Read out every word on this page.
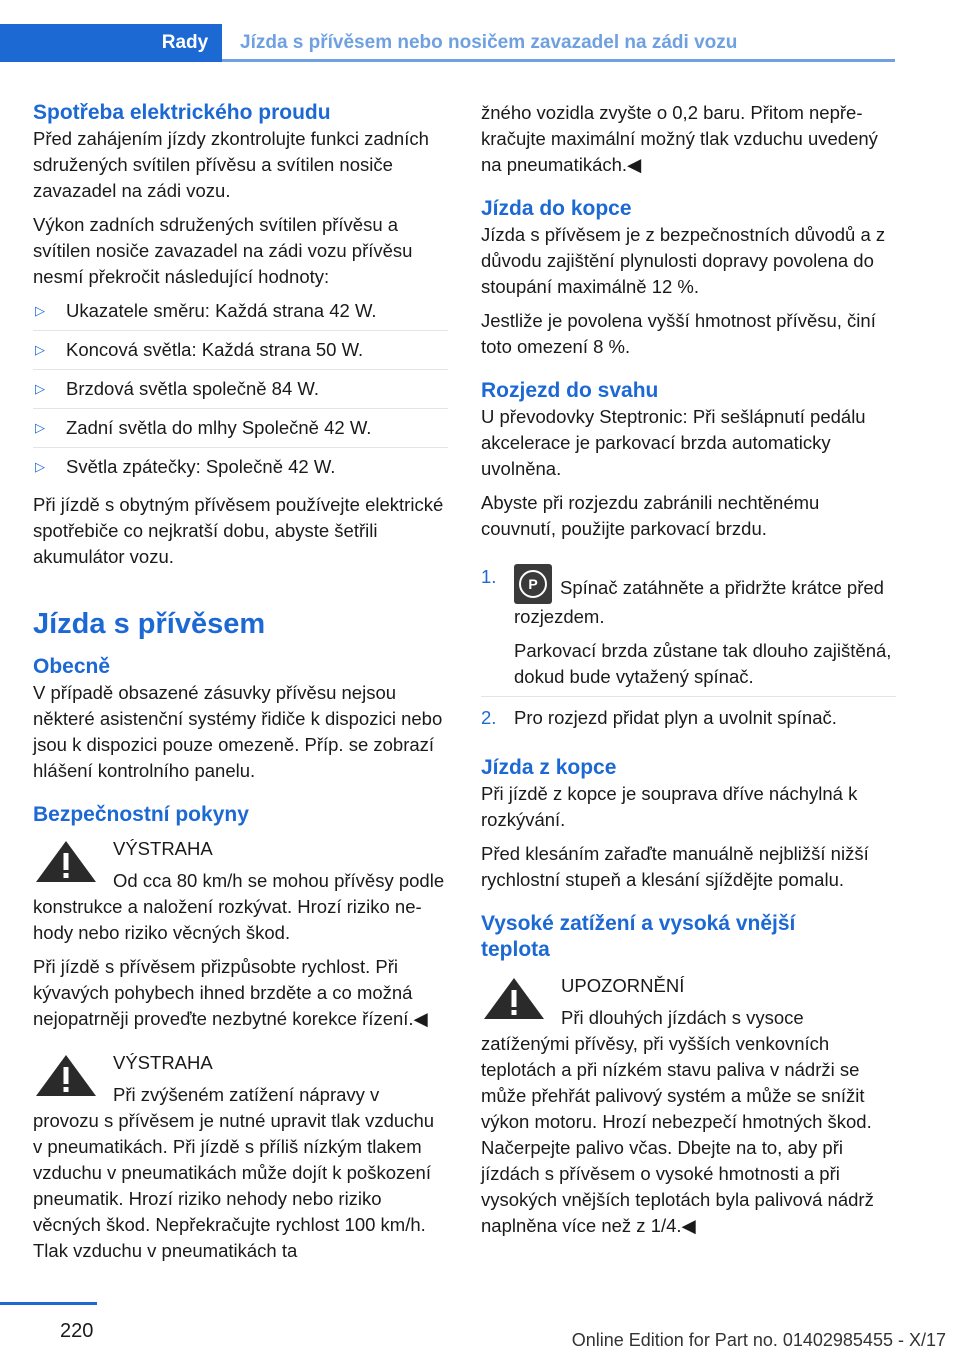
Rady	Jízda s přívěsem nebo nosičem zavazadel na zádi vozu
Spotřeba elektrického proudu

Před zahájením jízdy zkontrolujte funkci zadních sdružených svítilen přívěsu a svítilen nosiče zavazadel na zádi vozu.

Výkon zadních sdružených svítilen přívěsu a svítilen nosiče zavazadel na zádi vozu přívěsu nesmí překročit následující hodnoty:

▷ Ukazatele směru: Každá strana 42 W.
▷ Koncová světla: Každá strana 50 W.
▷ Brzdová světla společně 84 W.
▷ Zadní světla do mlhy Společně 42 W.
▷ Světla zpátečky: Společně 42 W.

Při jízdě s obytným přívěsem používejte elektrické spotřebiče co nejkratší dobu, abyste šetřili akumulátor vozu.

Jízda s přívěsem
Obecně

V případě obsazené zásuvky přívěsu nejsou některé asistenční systémy řidiče k dispozici nebo jsou k dispozici pouze omezeně. Příp. se zobrazí hlášení kontrolního panelu.

Bezpečnostní pokyny
VÝSTRAHA
Od cca 80 km/h se mohou přívěsy podle konstrukce a naložení rozkývat. Hrozí riziko nehody nebo riziko věcných škod.

Při jízdě s přívěsem přizpůsobte rychlost. Při kývavých pohybech ihned brzděte a co možná nejopatrněji proveďte nezbytné korekce řízení.◀

VÝSTRAHA
Při zvýšeném zatížení nápravy v provozu s přívěsem je nutné upravit tlak vzduchu v pneumatikách. Při jízdě s příliš nízkým tlakem vzduchu v pneumatikách může dojít k poškození pneumatik. Hrozí riziko nehody nebo riziko věcných škod. Nepřekračujte rychlost 100 km/h. Tlak vzduchu v pneumatikách ta

žného vozidla zvyšte o 0,2 baru. Přitom nepřekračujte maximální možný tlak vzduchu uvedený na pneumatikách.◀

Jízda do kopce

Jízda s přívěsem je z bezpečnostních důvodů a z důvodu zajištění plynulosti dopravy povolena do stoupání maximálně 12 %.

Jestliže je povolena vyšší hmotnost přívěsu, činí toto omezení 8 %.

Rozjezd do svahu

U převodovky Steptronic: Při sešlápnutí pedálu akcelerace je parkovací brzda automaticky uvolněna.

Abyste při rozjezdu zabránili nechtěnému couvnutí, použijte parkovací brzdu.

1.	P	Spínač zatáhněte a přidržte krátce před rozjezdem.
Parkovací brzda zůstane tak dlouho zajištěná, dokud bude vytažený spínač.
2. Pro rozjezd přidat plyn a uvolnit spínač.
Jízda z kopce

Při jízdě z kopce je souprava dříve náchylná k rozkývání.

Před klesáním zařaďte manuálně nejbližší nižší rychlostní stupeň a klesání sjíždějte pomalu.

Vysoké zatížení a vysoká vnější teplota
UPOZORNĚNÍ
Při dlouhých jízdách s vysoce zatíženými přívěsy, při vyšších venkovních teplotách a při nízkém stavu paliva v nádrži se může přehřát palivový systém a může se snížit výkon motoru. Hrozí nebezpečí hmotných škod. Načerpejte palivo včas. Dbejte na to, aby při jízdách s přívěsem o vysoké hmotnosti a při vysokých vnějších teplotách byla palivová nádrž naplněna více než z 1/4.◀
220	Online Edition for Part no. 01402985455 - X/17
